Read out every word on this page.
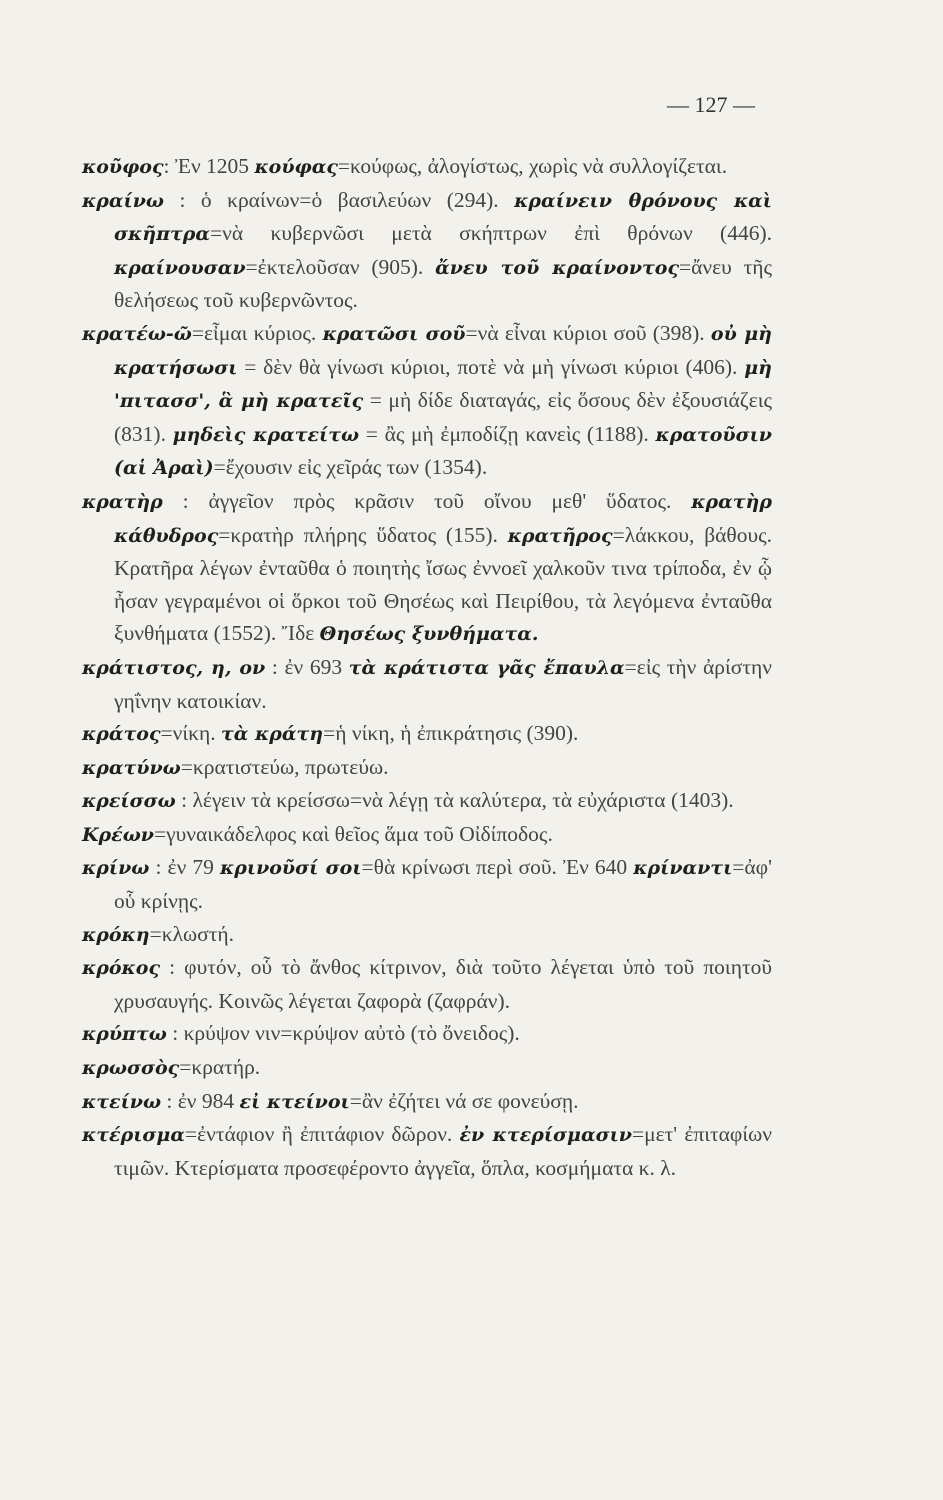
— 127 —
κοῦφος: Ἐν 1205 κούφας=κούφως, ἀλογίστως, χωρὶς νὰ συλλογίζεται.
κραίνω : ὁ κραίνων=ὁ βασιλεύων (294). κραίνειν θρόνους καὶ σκῆπτρα=νὰ κυβερνῶσι μετὰ σκήπτρων ἐπὶ θρόνων (446). κραίνουσαν=ἐκτελοῦσαν (905). ἄνευ τοῦ κραίνοντος=ἄνευ τῆς θελήσεως τοῦ κυβερνῶντος.
κρατέω-ῶ=εἶμαι κύριος. κρατῶσι σοῦ=νὰ εἶναι κύριοι σοῦ (398). οὐ μὴ κρατήσωσι = δὲν θὰ γίνωσι κύριοι, ποτὲ νὰ μὴ γίνωσι κύριοι (406). μὴ 'πιτασσ', ἃ μὴ κρατεῖς = μὴ δίδε διαταγάς, εἰς ὅσους δὲν ἐξουσιάζεις (831). μηδεὶς κρατείτω = ἂς μὴ ἐμποδίζῃ κανεὶς (1188). κρατοῦσιν (αἱ Ἀραὶ)=ἔχουσιν εἰς χεῖράς των (1354).
κρατὴρ : ἀγγεῖον πρὸς κρᾶσιν τοῦ οἴνου μεθ' ὕδατος. κρατὴρ κάθυδρος=κρατὴρ πλήρης ὕδατος (155). κρατῆρος=λάκκου, βάθους. Κρατῆρα λέγων ἐνταῦθα ὁ ποιητὴς ἴσως ἐννοεῖ χαλκοῦν τινα τρίποδα, ἐν ᾧ ἦσαν γεγραμένοι οἱ ὅρκοι τοῦ Θησέως καὶ Πειρίθου, τὰ λεγόμενα ἐνταῦθα ξυνθήματα (1552). Ἴδε Θησέως ξυνθήματα.
κράτιστος, η, ον : ἐν 693 τὰ κράτιστα γᾶς ἔπαυλα=εἰς τὴν ἀρίστην γηΐνην κατοικίαν.
κράτος=νίκη. τὰ κράτη=ἡ νίκη, ἡ ἐπικράτησις (390).
κρατύνω=κρατιστεύω, πρωτεύω.
κρείσσω : λέγειν τὰ κρείσσω=νὰ λέγῃ τὰ καλύτερα, τὰ εὐχάριστα (1403).
Κρέων=γυναικάδελφος καὶ θεῖος ἅμα τοῦ Οἰδίποδος.
κρίνω : ἐν 79 κρινοῦσί σοι=θὰ κρίνωσι περὶ σοῦ. Ἐν 640 κρίναντι=ἀφ' οὗ κρίνῃς.
κρόκη=κλωστή.
κρόκος : φυτόν, οὗ τὸ ἄνθος κίτρινον, διὰ τοῦτο λέγεται ὑπὸ τοῦ ποιητοῦ χρυσαυγής. Κοινῶς λέγεται ζαφορὰ (ζαφράν).
κρύπτω : κρύψον νιν=κρύψον αὐτὸ (τὸ ὄνειδος).
κρωσσὸς=κρατήρ.
κτείνω : ἐν 984 εἰ κτείνοι=ἂν ἐζήτει νά σε φονεύσῃ.
κτέρισμα=ἐντάφιον ἢ ἐπιτάφιον δῶρον. ἐν κτερίσμασιν=μετ' ἐπιταφίων τιμῶν. Κτερίσματα προσεφέροντο ἀγγεῖα, ὅπλα, κοσμήματα κ. λ.
